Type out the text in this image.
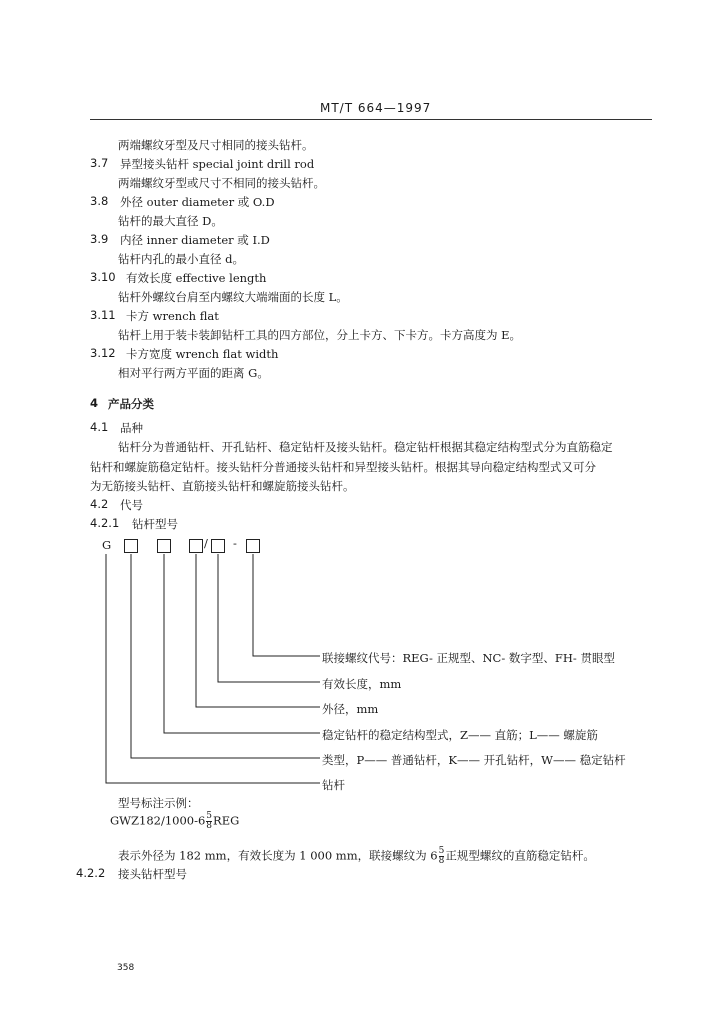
MT/T 664—1997
两端螺纹牙型及尺寸相同的接头钻杆。
3.7 异型接头钻杆 special joint drill rod
两端螺纹牙型或尺寸不相同的接头钻杆。
3.8 外径 outer diameter 或 O.D
钻杆的最大直径 D。
3.9 内径 inner diameter 或 I.D
钻杆内孔的最小直径 d。
3.10 有效长度 effective length
钻杆外螺纹台肩至内螺纹大端端面的长度 L。
3.11 卡方 wrench flat
钻杆上用于装卡装卸钻杆工具的四方部位，分上卡方、下卡方。卡方高度为 E。
3.12 卡方宽度 wrench flat width
相对平行两方平面的距离 G。
4 产品分类
4.1 品种
钻杆分为普通钻杆、开孔钻杆、稳定钻杆及接头钻杆。稳定钻杆根据其稳定结构型式分为直筋稳定
钻杆和螺旋筋稳定钻杆。接头钻杆分普通接头钻杆和异型接头钻杆。根据其导向稳定结构型式又可分
为无筋接头钻杆、直筋接头钻杆和螺旋筋接头钻杆。
4.2 代号
4.2.1 钻杆型号
G	/ -
联接螺纹代号：REG- 正规型、NC- 数字型、FH- 贯眼型
有效长度，mm
外径，mm
稳定钻杆的稳定结构型式，Z—— 直筋；L—— 螺旋筋
类型，P—— 普通钻杆，K—— 开孔钻杆，W—— 稳定钻杆
钻杆
型号标注示例：
$GWZ182/1000-6 \frac{5}{8}$ REG
表示外径为 182 mm，有效长度为 1 000 mm，联接螺纹为 $6 \frac{5}{8}$ 正规型螺纹的直筋稳定钻杆。
4.2.2 接头钻杆型号
358
